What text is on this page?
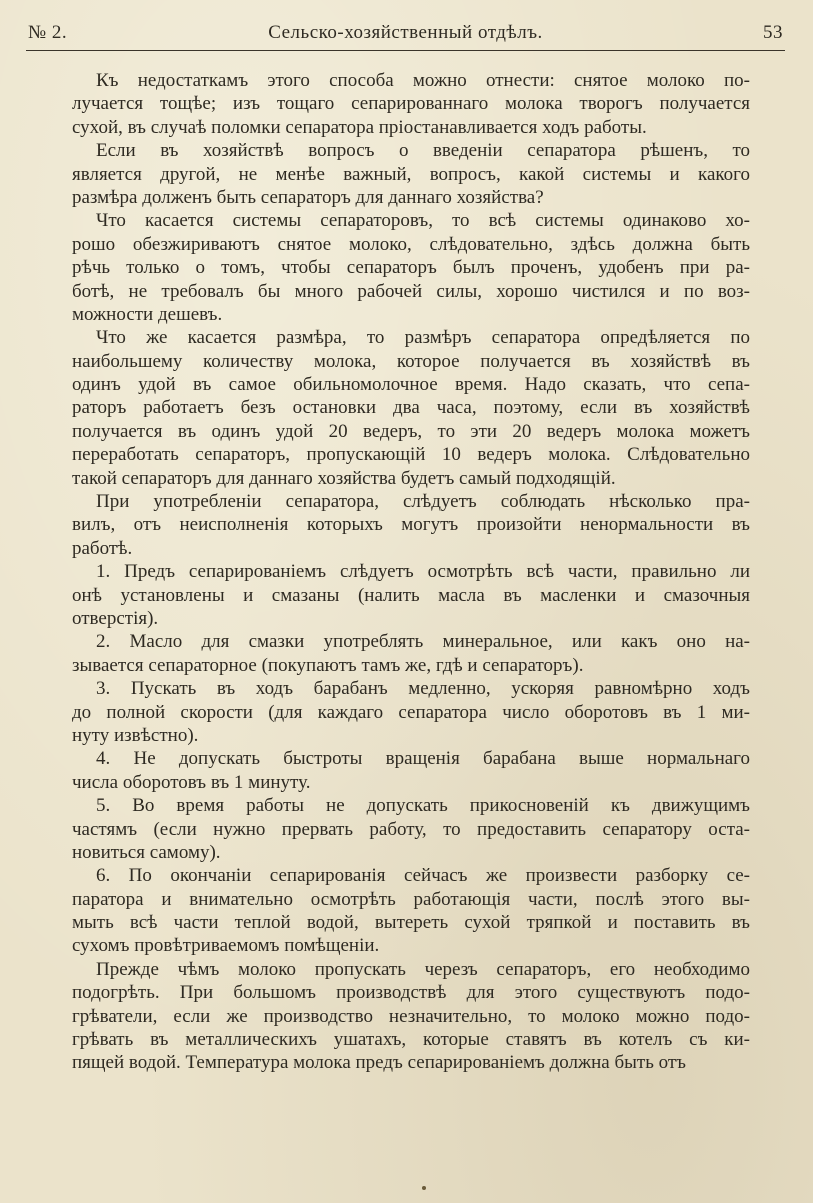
№ 2.	Сельско-хозяйственный отдѣлъ.	53
Къ недостаткамъ этого способа можно отнести: снятое молоко по-
лучается тощѣе; изъ тощаго сепарированнаго молока творогъ получается
сухой, въ случаѣ поломки сепаратора пріостанавливается ходъ работы.
Если въ хозяйствѣ вопросъ о введеніи сепаратора рѣшенъ, то
является другой, не менѣе важный, вопросъ, какой системы и какого
размѣра долженъ быть сепараторъ для даннаго хозяйства?
Что касается системы сепараторовъ, то всѣ системы одинаково хо-
рошо обезжириваютъ снятое молоко, слѣдовательно, здѣсь должна быть
рѣчь только о томъ, чтобы сепараторъ былъ проченъ, удобенъ при ра-
ботѣ, не требовалъ бы много рабочей силы, хорошо чистился и по воз-
можности дешевъ.
Что же касается размѣра, то размѣръ сепаратора опредѣляется по
наибольшему количеству молока, которое получается въ хозяйствѣ въ
одинъ удой въ самое обильномолочное время. Надо сказать, что сепа-
раторъ работаетъ безъ остановки два часа, поэтому, если въ хозяйствѣ
получается въ одинъ удой 20 ведеръ, то эти 20 ведеръ молока можетъ
переработать сепараторъ, пропускающій 10 ведеръ молока. Слѣдовательно
такой сепараторъ для даннаго хозяйства будетъ самый подходящій.
При употребленіи сепаратора, слѣдуетъ соблюдать нѣсколько пра-
вилъ, отъ неисполненія которыхъ могутъ произойти ненормальности въ
работѣ.
1. Предъ сепарированіемъ слѣдуетъ осмотрѣть всѣ части, правильно ли
онѣ установлены и смазаны (налить масла въ масленки и смазочныя
отверстія).
2. Масло для смазки употреблять минеральное, или какъ оно на-
зывается сепараторное (покупаютъ тамъ же, гдѣ и сепараторъ).
3. Пускать въ ходъ барабанъ медленно, ускоряя равномѣрно ходъ
до полной скорости (для каждаго сепаратора число оборотовъ въ 1 ми-
нуту извѣстно).
4. Не допускать быстроты вращенія барабана выше нормальнаго
числа оборотовъ въ 1 минуту.
5. Во время работы не допускать прикосновеній къ движущимъ
частямъ (если нужно прервать работу, то предоставить сепаратору оста-
новиться самому).
6. По окончаніи сепарированія сейчасъ же произвести разборку се-
паратора и внимательно осмотрѣть работающія части, послѣ этого вы-
мыть всѣ части теплой водой, вытереть сухой тряпкой и поставить въ
сухомъ провѣтриваемомъ помѣщеніи.
Прежде чѣмъ молоко пропускать черезъ сепараторъ, его необходимо
подогрѣть. При большомъ производствѣ для этого существуютъ подо-
грѣватели, если же производство незначительно, то молоко можно подо-
грѣвать въ металлическихъ ушатахъ, которые ставятъ въ котелъ съ ки-
пящей водой. Температура молока предъ сепарированіемъ должна быть отъ
